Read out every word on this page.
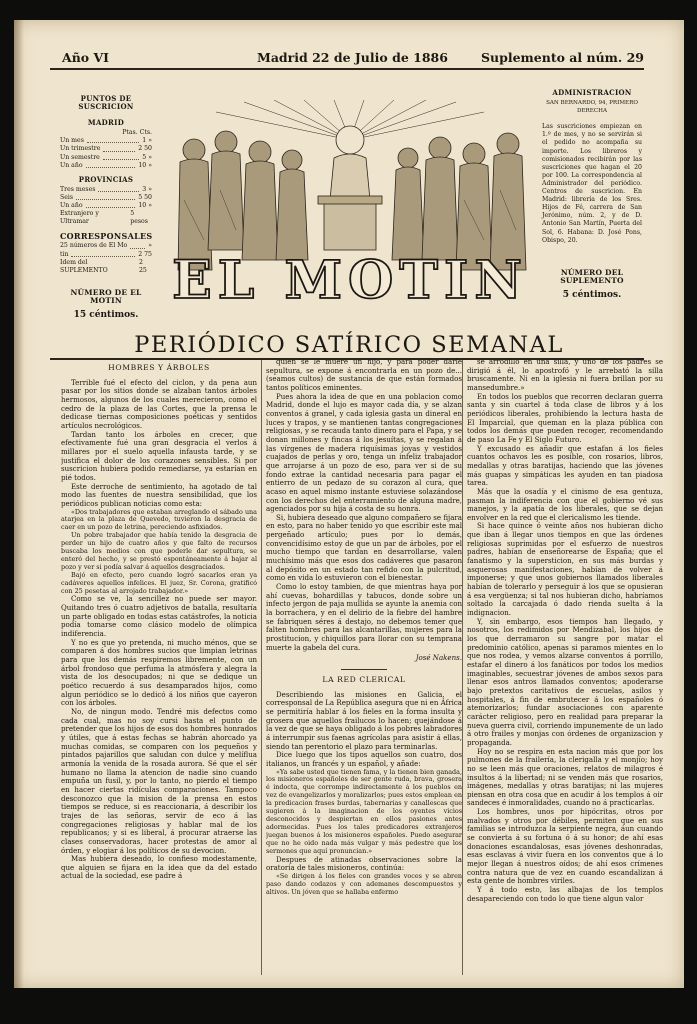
Año VI	Madrid 22 de Julio de 1886	Suplemento al núm. 29
PUNTOS DE SUSCRICION
MADRID
Ptas. Cts.
Un mes	1 »
Un trimestre	2 50
Un semestre	5 »
Un año	10 »
PROVINCIAS
Tres meses	3 »
Seis	5 50
Un año	10 »
Extranjero y Ultramar
5 pesos
CORRESPONSALES
25 números de El Mo	»
tin	2 75
Idem del SUPLEMENTO
2 25
NÚMERO DE EL MOTIN
15 céntimos.
EL MOTIN
ADMINISTRACION
SAN BERNARDO, 94, PRIMERO DERECHA

Las suscriciones empiezan en 1.º de mes, y no se servirán si el pedido no acompaña su importe. Los libreros y comisionados recibirán por las suscriciones que hagan el 20 por 100. La correspondencia al Administrador del periódico. Centros de suscricion. En Madrid: librería de los Sres. Hijos de Fé, carrera de San Jerónimo, núm. 2, y de D. Antonio San Martín, Puerta del Sol, 6. Habana: D. José Pons, Obispo, 20.

NÚMERO DEL SUPLEMENTO
5 céntimos.
PERIÓDICO SATÍRICO SEMANAL

HOMBRES Y ÁRBOLES

Terrible fué el efecto del ciclon, y da pena aun pasar por los sitios donde se alzaban tantos árboles hermosos, algunos de los cuales merecieron, como el cedro de la plaza de las Cortes, que la prensa le dedicase tiernas composiciones poéticas y sentidos artículos necrológicos.

Tardan tanto los árboles en crecer, que efectivamente fué una gran desgracia el verlos á millares por el suelo aquella infausta tarde, y se justifica el dolor de los corazones sensibles. Si por suscricion hubiera podido remediarse, ya estarían en pié todos.

Este derroche de sentimiento, ha agotado de tal modo las fuentes de nuestra sensibilidad, que los periódicos publican noticias como esta:

«Dos trabajadores que estaban arreglando el sábado una atarjea en la plaza de Quevedo, tuvieron la desgracia de caer en un pozo de letrina, pereciendo asfixiados.

Un pobre trabajador que había tenido la desgracia de perder un hijo de cuatro años y que falto de recursos buscaba los medios con que poderle dar sepultura, se enteró del hecho, y se prestó espontáneamente á bajar al pozo y ver si podía salvar á aquellos desgraciados.

Bajó en efecto, pero cuando logró sacarlos eran ya cadáveres aquellos infelices. El juez, Sr. Corona, gratificó con 25 pesetas al arrojado trabajador.»

Como se ve, la sencillez no puede ser mayor. Quitando tres ó cuatro adjetivos de batalla, resultaría un parte obligado en todas estas catástrofes, la noticia podía tomarse como clásico modelo de olímpica indiferencia.

Y no es que yo pretenda, ni mucho ménos, que se comparen á dos hombres sucios que limpian letrinas para que los demás respiremos libremente, con un árbol frondoso que perfuma la atmósfera y alegra la vista de los desocupados; ni que se dedique un poético recuerdo á sus desamparados hijos, como algun periódico se lo dedicó á los niños que cayeron con los árboles.

No, de ningun modo. Tendré mis defectos como cada cual, mas no soy cursi hasta el punto de pretender que los hijos de esos dos hombres honrados y útiles, que á estas fechas se habrán ahorcado ya muchas comidas, se comparen con los pequeños y pintados pajarillos que saludan con dulce y melíflua armonía la venida de la rosada aurora. Sé que el sér humano no llama la atencion de nadie sino cuando empuña un fusil, y, por lo tanto, no pierdo el tiempo en hacer ciertas ridículas comparaciones. Tampoco desconozco que la mision de la prensa en estos tiempos se reduce, si es reaccionaria, á describir los trajes de las señoras, servir de eco á las congregaciones religiosas y hablar mal de los republicanos; y si es liberal, á procurar atraerse las clases conservadoras, hacer protestas de amor al órden, y elogiar á los políticos de su devocion.

Mas hubiera deseado, lo confieso modestamente, que alguien se fijara en la idea que da del estado actual de la sociedad, ese padre á

quien se le muere un hijo, y para poder darle sepultura, se expone á encontrarla en un pozo de... (seamos cultos) de sustancia de que están formados tantos políticos eminentes.

Pues ahora la idea de que en una poblacion como Madrid, donde el lujo es mayor cada día, y se alzan conventos á granel, y cada iglesia gasta un dineral en luces y trapos, y se mantienen tantas congregaciones religiosas, y se recauda tanto dinero para el Papa, y se donan millones y fincas á los jesuítas, y se regalan á las vírgenes de madera riquísimas joyas y vestidos cuajados de perlas y oro, tenga un infeliz trabajador que arrojarse á un pozo de eso, para ver si de su fondo extrae la cantidad necesaria para pagar el entierro de un pedazo de su corazon al cura, que acaso en aquel mismo instante estuviese solazándose con los derechos del enterramiento de alguna madre, agenciados por su hija á costa de su honra.

Si, hubiera deseado que alguno compañero se fijara en esto, para no haber tenido yo que escribir este mal pergeñado artículo; pues por lo demás, convencidísimo estoy de que un par de árboles, por el mucho tiempo que tardan en desarrollarse, valen muchísimo más que esos dos cadáveres que pasaron al depósito en un estado tan refido con la pulcritud, como en vida lo estuvieron con el bienestar.

Como lo estoy tambien, de que mientras haya por ahí cuevas, bohardillas y tabucos, donde sobre un infecto jergon de paja mullida se ayunte la anemia con la borrachera, y en el delirio de la fiebre del hambre se fabriquen séres á destajo, no debemos temer que falten hombres para las alcantarillas, mujeres para la prostitucion, y chiquillos para llorar con su temprana muerte la gabela del cura.

José Nakens.

LA RED CLERICAL

Describiendo las misiones en Galicia, el corresponsal de La República asegura que ni en África se permitiría hablar á los fieles en la forma insulta y grosera que aquellos frailucos lo hacen; quejándose á la vez de que se haya obligado á los pobres labradores á interrumpir sus faenas agrícolas para asistir á ellas, siendo tan perentorio el plazo para terminarlas.

Dice luego que los tipos aquellos son cuatro, dos italianos, un francés y un español, y añade:

«Ya sabe usted que tienen fama, y la tienen bien ganada, los misioneros españoles de ser gente ruda, brava, grosera é indocta, que corrompe indirectamente á los pueblos en vez de evangelizarlos y moralizarlos; pues estos emplean en la predicacion frases burdas, tabernarias y canallescas que sugieren á la imaginacion de los oyentes vicios desconocidos y despiertan en ellos pasiones antes adormecidas. Pues los tales predicadores extranjeros juegan buenos á los misioneros españoles. Puedo asegurar que no he oido nada más vulgar y más pedestre que los sermones que aquí pronuncian.»

Despues de atinadas observaciones sobre la oratoria de tales misioneros, continúa:

«Se dirigen á los fieles con grandes voces y se abren paso dando codazos y con ademanes descompuestos y altivos. Un jóven que se hallaba enfermo

se arrodilló en una silla, y uno de los padres se dirigió á él, lo apostrofó y le arrebató la silla bruscamente. Ni en la iglesia ni fuera brillan por su mansedumbre.»

En todos los pueblos que recorren declaran guerra santa y sin cuartel á toda clase de libros y á los periódicos liberales, prohibiendo la lectura hasta de El Imparcial, que queman en la plaza pública con todos los demás que pueden recoger, recomendando de paso La Fe y El Siglo Futuro.

Y excusado es añadir que estafan á los fieles cuantos ochavos les es posible, con rosarios, libros, medallas y otras baratijas, haciendo que las jóvenes más guapas y simpáticas les ayuden en tan piadosa tarea.

Más que la osadía y el cinismo de esa gentuza, pasman la indiferencia con que el gobierno vé sus manejos, y la apatía de los liberales, que se dejan envolver en la red que el clericalismo les tiende.

Si hace quince ó veinte años nos hubieran dicho que iban á llegar unos tiempos en que las órdenes religiosas suprimidas por el esfuerzo de nuestros padres, habían de enseñorearse de España; que el fanatismo y la supersticion, en sus más burdas y asquerosas manifestaciones, habían de volver á imponerse; y que unos gobiernos llamados liberales habían de tolerarlo y perseguir á los que se opusieran á esa vergüenza; si tal nos hubieran dicho, habríamos soltado la carcajada ó dado rienda suelta á la indignacion.

Y, sin embargo, esos tiempos han llegado, y nosotros, los redimidos por Mendizabal, los hijos de los que derramaron su sangre por matar el predominio católico, apenas si paramos mientes en lo que nos rodea, y vemos alzarse conventos á porrillo, estafar el dinero á los fanáticos por todos los medios imaginables, secuestrar jóvenes de ambos sexos para llenar esos antros llamados conventos; apoderarse bajo pretextos caritativos de escuelas, asilos y hospitales, á fin de embrutecer á los españoles ó atemorizarlos; fundar asociaciones con aparente carácter religioso, pero en realidad para preparar la nueva guerra civil, corriendo impunemente de un lado á otro frailes y monjas con órdenes de organizacion y propaganda.

Hoy no se respira en esta nacion más que por los pulmones de la frailería, la clerigalla y el monjío; hoy no se leen más que oraciones, relatos de milagros é insultos á la libertad; ni se venden más que rosarios, imágenes, medallas y otras baratijas; ni las mujeres piensan en otra cosa que en acudir á los templos á oir sandeces é inmoralidades, cuando no á practicarlas.

Los hombres, unos por hipócritas, otros por malvados y otros por débiles, permiten que en sus familias se introduzca la serpiente negra, áun cuando se convierta á su fortuna ó á su honor; de ahí esas donaciones escandalosas, esas jóvenes deshonradas, esas esclavas á vivir fuera en los conventos que á lo mejor llegan á nuestros oídos; de ahí esos crímenes contra natura que de vez en cuando escandalizan á esta gente de hombres viriles.

Y á todo esto, las albajas de los templos desapareciendo con todo lo que tiene algun valor
